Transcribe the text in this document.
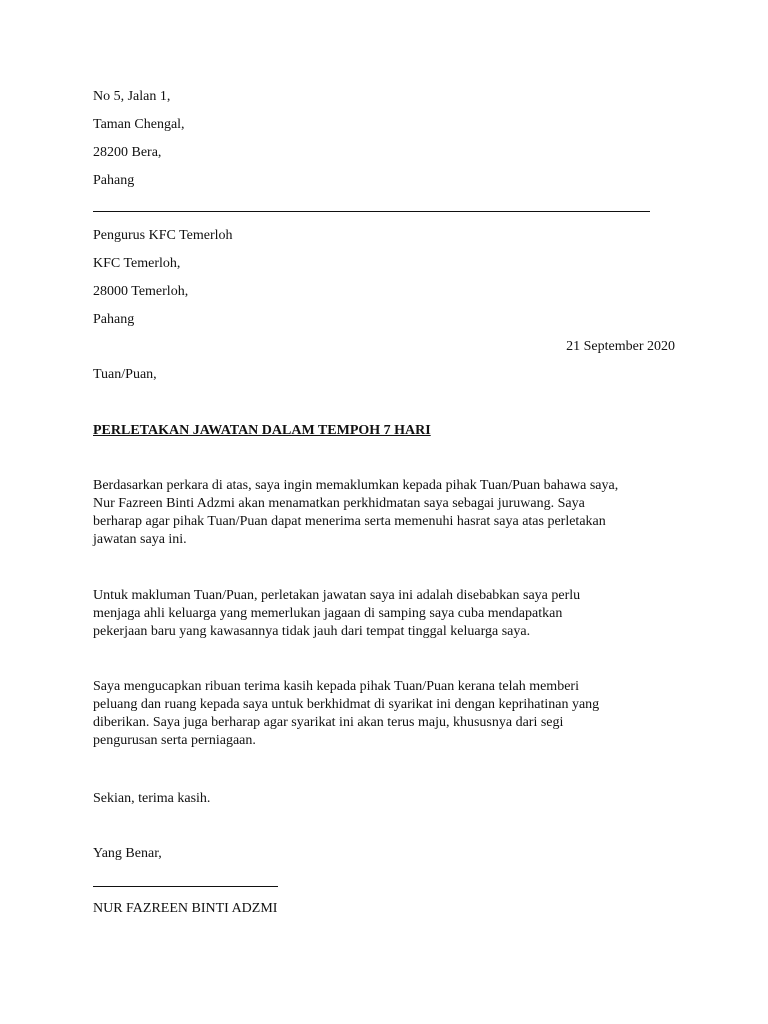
No 5, Jalan 1,
Taman Chengal,
28200 Bera,
Pahang
Pengurus KFC Temerloh
KFC Temerloh,
28000 Temerloh,
Pahang
21 September 2020
Tuan/Puan,
PERLETAKAN JAWATAN DALAM TEMPOH 7 HARI
Berdasarkan perkara di atas, saya ingin memaklumkan kepada pihak Tuan/Puan bahawa saya,
Nur Fazreen Binti Adzmi akan menamatkan perkhidmatan saya sebagai juruwang. Saya
berharap agar pihak Tuan/Puan dapat menerima serta memenuhi hasrat saya atas perletakan
jawatan saya ini.
Untuk makluman Tuan/Puan, perletakan jawatan saya ini adalah disebabkan saya perlu
menjaga ahli keluarga yang memerlukan jagaan di samping saya cuba mendapatkan
pekerjaan baru yang kawasannya tidak jauh dari tempat tinggal keluarga saya.
Saya mengucapkan ribuan terima kasih kepada pihak Tuan/Puan kerana telah memberi
peluang dan ruang kepada saya untuk berkhidmat di syarikat ini dengan keprihatinan yang
diberikan. Saya juga berharap agar syarikat ini akan terus maju, khususnya dari segi
pengurusan serta perniagaan.
Sekian, terima kasih.
Yang Benar,
NUR FAZREEN BINTI ADZMI
